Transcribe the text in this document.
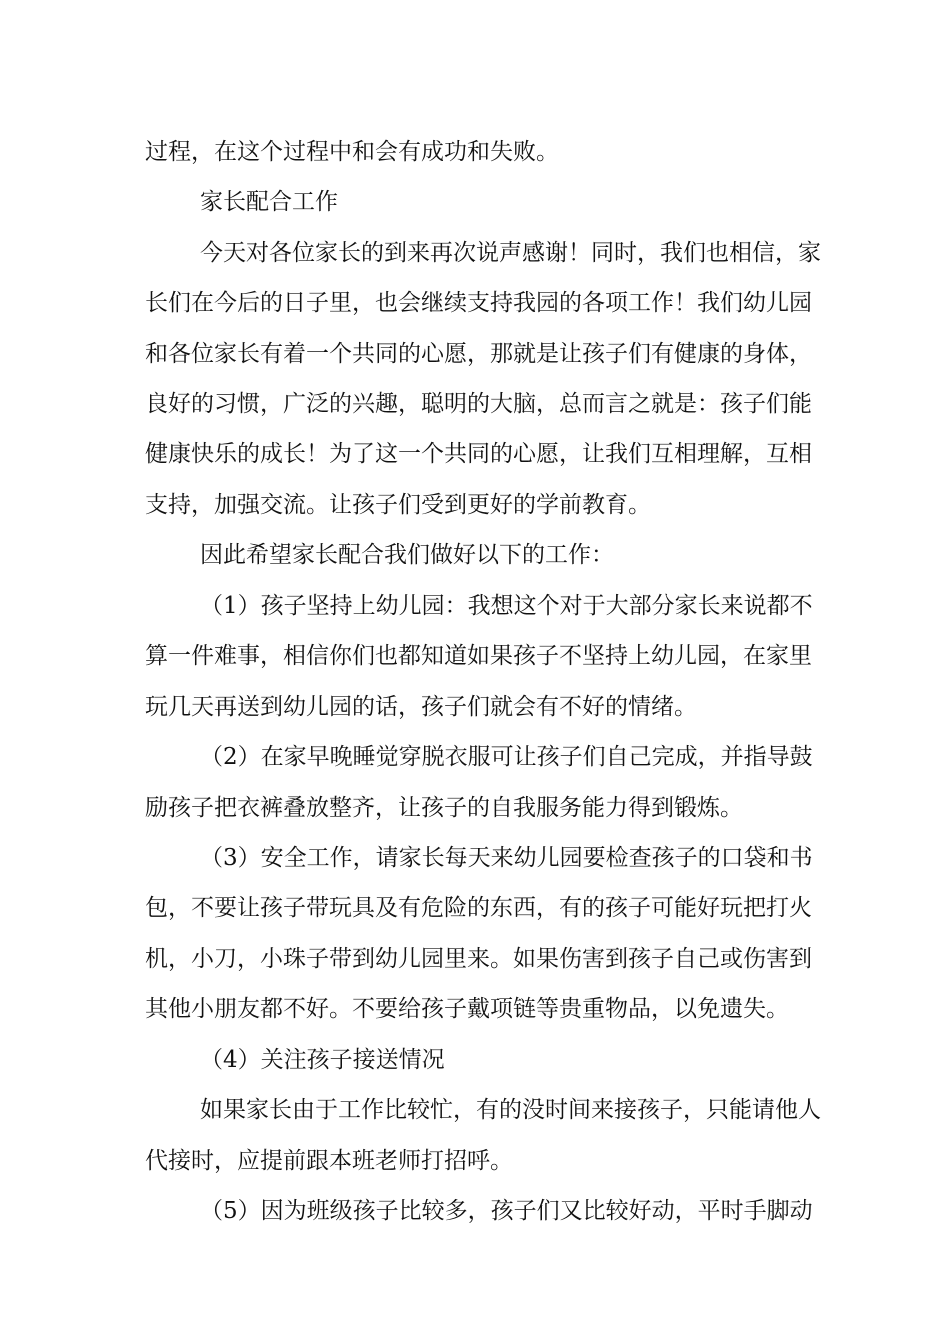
过程，在这个过程中和会有成功和失败。
家长配合工作
今天对各位家长的到来再次说声感谢！同时，我们也相信，家
长们在今后的日子里，也会继续支持我园的各项工作！我们幼儿园
和各位家长有着一个共同的心愿，那就是让孩子们有健康的身体，
良好的习惯，广泛的兴趣，聪明的大脑，总而言之就是：孩子们能
健康快乐的成长！为了这一个共同的心愿，让我们互相理解，互相
支持，加强交流。让孩子们受到更好的学前教育。
因此希望家长配合我们做好以下的工作：
（1）孩子坚持上幼儿园：我想这个对于大部分家长来说都不
算一件难事，相信你们也都知道如果孩子不坚持上幼儿园，在家里
玩几天再送到幼儿园的话，孩子们就会有不好的情绪。
（2）在家早晚睡觉穿脱衣服可让孩子们自己完成，并指导鼓
励孩子把衣裤叠放整齐，让孩子的自我服务能力得到锻炼。
（3）安全工作，请家长每天来幼儿园要检查孩子的口袋和书
包，不要让孩子带玩具及有危险的东西，有的孩子可能好玩把打火
机，小刀，小珠子带到幼儿园里来。如果伤害到孩子自己或伤害到
其他小朋友都不好。不要给孩子戴项链等贵重物品，以免遗失。
（4）关注孩子接送情况
如果家长由于工作比较忙，有的没时间来接孩子，只能请他人
代接时，应提前跟本班老师打招呼。
（5）因为班级孩子比较多，孩子们又比较好动，平时手脚动
